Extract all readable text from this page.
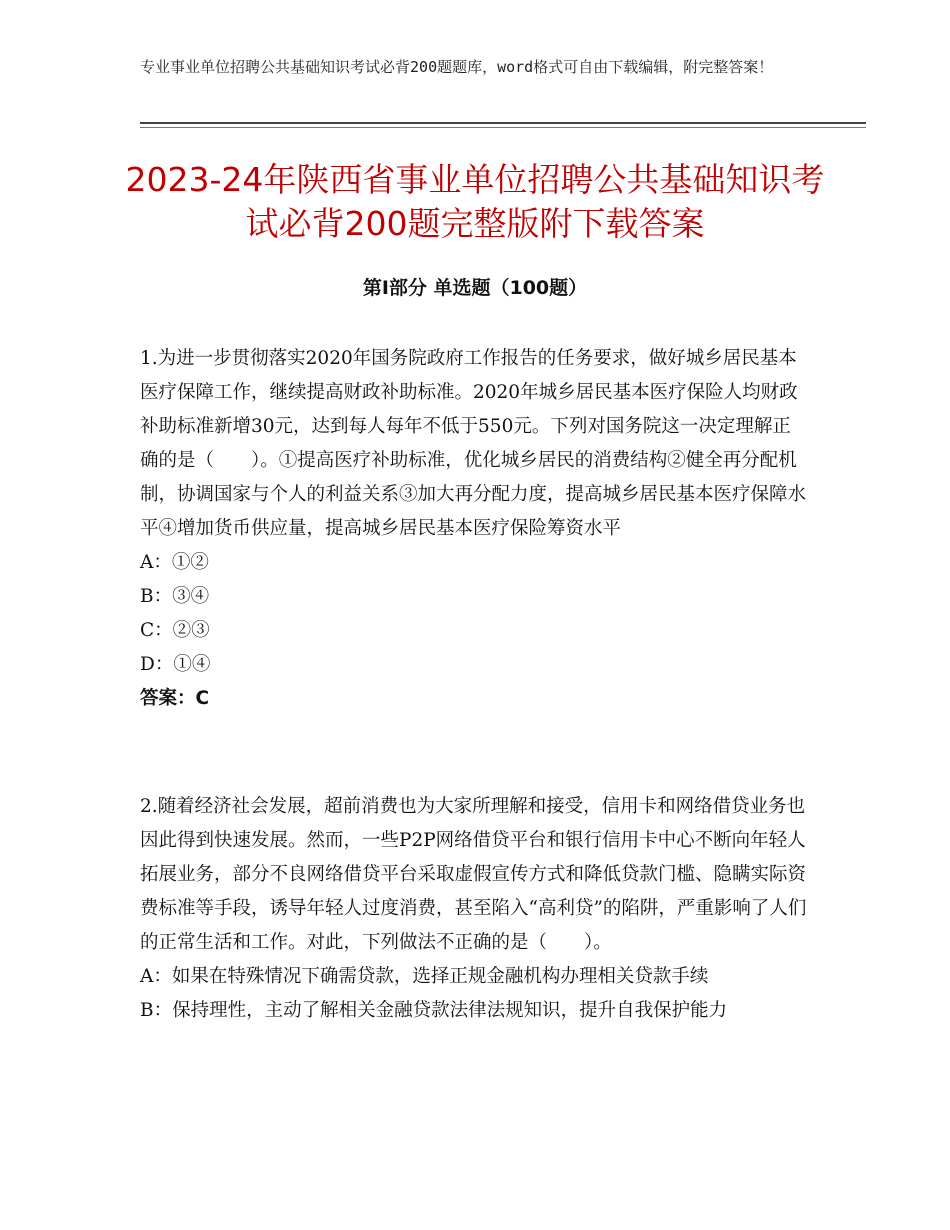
专业事业单位招聘公共基础知识考试必背200题题库，word格式可自由下载编辑，附完整答案！
2023-24年陕西省事业单位招聘公共基础知识考试必背200题完整版附下载答案
第Ⅰ部分 单选题（100题）

1.为进一步贯彻落实2020年国务院政府工作报告的任务要求，做好城乡居民基本医疗保障工作，继续提高财政补助标准。2020年城乡居民基本医疗保险人均财政补助标准新增30元，达到每人每年不低于550元。下列对国务院这一决定理解正确的是（　　）。①提高医疗补助标准，优化城乡居民的消费结构②健全再分配机制，协调国家与个人的利益关系③加大再分配力度，提高城乡居民基本医疗保障水平④增加货币供应量，提高城乡居民基本医疗保险筹资水平

A：①②

B：③④

C：②③

D：①④

答案：C

2.随着经济社会发展，超前消费也为大家所理解和接受，信用卡和网络借贷业务也因此得到快速发展。然而，一些P2P网络借贷平台和银行信用卡中心不断向年轻人拓展业务，部分不良网络借贷平台采取虚假宣传方式和降低贷款门槛、隐瞒实际资费标准等手段，诱导年轻人过度消费，甚至陷入“高利贷”的陷阱，严重影响了人们的正常生活和工作。对此，下列做法不正确的是（　　）。

A：如果在特殊情况下确需贷款，选择正规金融机构办理相关贷款手续

B：保持理性，主动了解相关金融贷款法律法规知识，提升自我保护能力
